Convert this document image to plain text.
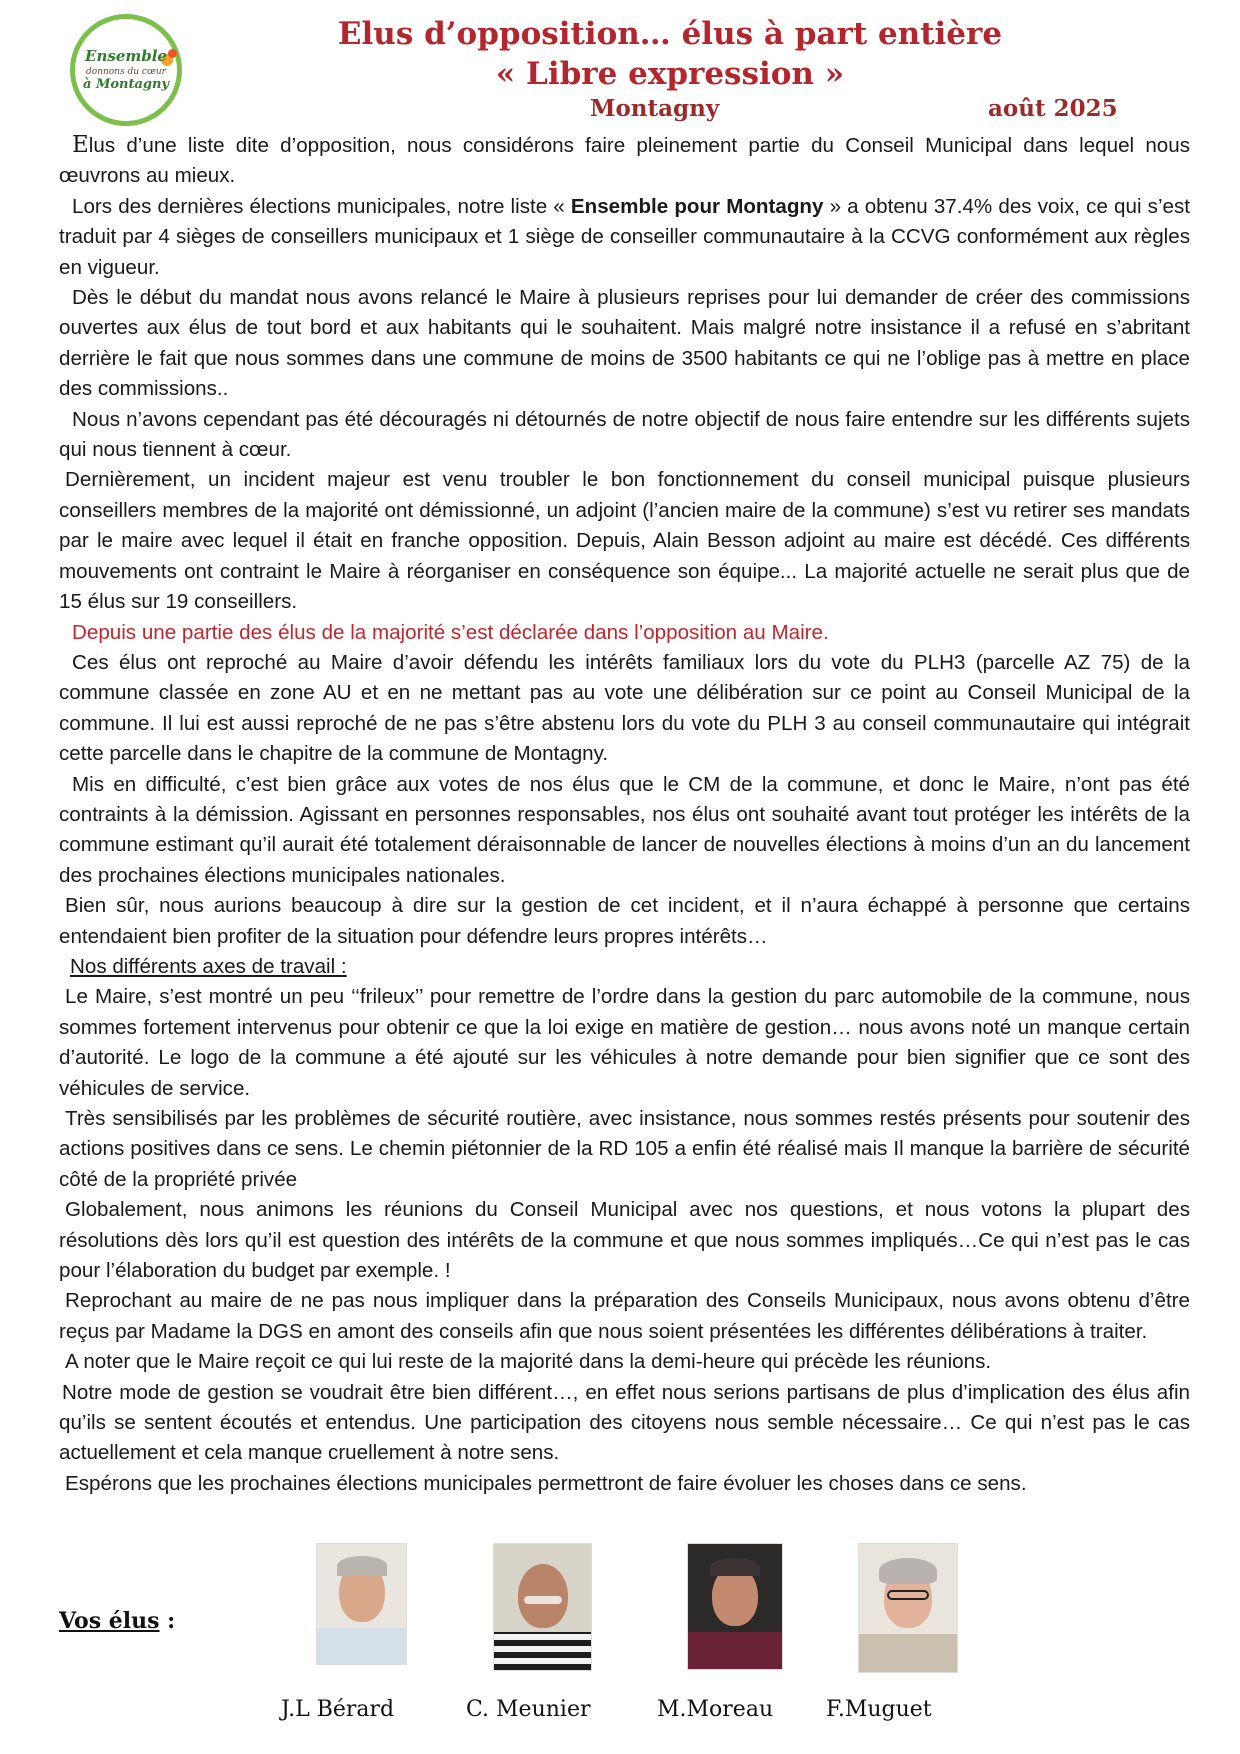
Ensemble
donnons du cœur
à Montagny
Elus d’opposition… élus à part entière
« Libre expression »
Montagny	août 2025

Elus d’une liste dite d’opposition, nous considérons faire pleinement partie du Conseil Municipal dans lequel nous œuvrons au mieux.

Lors des dernières élections municipales, notre liste « Ensemble pour Montagny » a obtenu 37.4% des voix, ce qui s’est traduit par 4 sièges de conseillers municipaux et 1 siège de conseiller communautaire à la CCVG conformément aux règles en vigueur.

Dès le début du mandat nous avons relancé le Maire à plusieurs reprises pour lui demander de créer des commissions ouvertes aux élus de tout bord et aux habitants qui le souhaitent. Mais malgré notre insistance il a refusé en s’abritant derrière le fait que nous sommes dans une commune de moins de 3500 habitants ce qui ne l’oblige pas à mettre en place des commissions..

Nous n’avons cependant pas été découragés ni détournés de notre objectif de nous faire entendre sur les différents sujets qui nous tiennent à cœur.

Dernièrement, un incident majeur est venu troubler le bon fonctionnement du conseil municipal puisque plusieurs conseillers membres de la majorité ont démissionné, un adjoint (l’ancien maire de la commune) s’est vu retirer ses mandats par le maire avec lequel il était en franche opposition. Depuis, Alain Besson adjoint au maire est décédé. Ces différents mouvements ont contraint le Maire à réorganiser en conséquence son équipe... La majorité actuelle ne serait plus que de 15 élus sur 19 conseillers.

Depuis une partie des élus de la majorité s’est déclarée dans l’opposition au Maire.

Ces élus ont reproché au Maire d’avoir défendu les intérêts familiaux lors du vote du PLH3 (parcelle AZ 75) de la commune classée en zone AU et en ne mettant pas au vote une délibération sur ce point au Conseil Municipal de la commune. Il lui est aussi reproché de ne pas s’être abstenu lors du vote du PLH 3 au conseil communautaire qui intégrait cette parcelle dans le chapitre de la commune de Montagny.

Mis en difficulté, c’est bien grâce aux votes de nos élus que le CM de la commune, et donc le Maire, n’ont pas été contraints à la démission. Agissant en personnes responsables, nos élus ont souhaité avant tout protéger les intérêts de la commune estimant qu’il aurait été totalement déraisonnable de lancer de nouvelles élections à moins d’un an du lancement des prochaines élections municipales nationales.

Bien sûr, nous aurions beaucoup à dire sur la gestion de cet incident, et il n’aura échappé à personne que certains entendaient bien profiter de la situation pour défendre leurs propres intérêts…

Nos différents axes de travail :

Le Maire, s’est montré un peu ‘‘frileux’’ pour remettre de l’ordre dans la gestion du parc automobile de la commune, nous sommes fortement intervenus pour obtenir ce que la loi exige en matière de gestion… nous avons noté un manque certain d’autorité. Le logo de la commune a été ajouté sur les véhicules à notre demande pour bien signifier que ce sont des véhicules de service.

Très sensibilisés par les problèmes de sécurité routière, avec insistance, nous sommes restés présents pour soutenir des actions positives dans ce sens. Le chemin piétonnier de la RD 105 a enfin été réalisé mais Il manque la barrière de sécurité côté de la propriété privée

Globalement, nous animons les réunions du Conseil Municipal avec nos questions, et nous votons la plupart des résolutions dès lors qu’il est question des intérêts de la commune et que nous sommes impliqués…Ce qui n’est pas le cas pour l’élaboration du budget par exemple. !

Reprochant au maire de ne pas nous impliquer dans la préparation des Conseils Municipaux, nous avons obtenu d’être reçus par Madame la DGS en amont des conseils afin que nous soient présentées les différentes délibérations à traiter.

A noter que le Maire reçoit ce qui lui reste de la majorité dans la demi-heure qui précède les réunions.

Notre mode de gestion se voudrait être bien différent…, en effet nous serions partisans de plus d’implication des élus afin qu’ils se sentent écoutés et entendus. Une participation des citoyens nous semble nécessaire… Ce qui n’est pas le cas actuellement et cela manque cruellement à notre sens.

Espérons que les prochaines élections municipales permettront de faire évoluer les choses dans ce sens.

Vos élus :
J.L Bérard	C. Meunier	M.Moreau F.Muguet
